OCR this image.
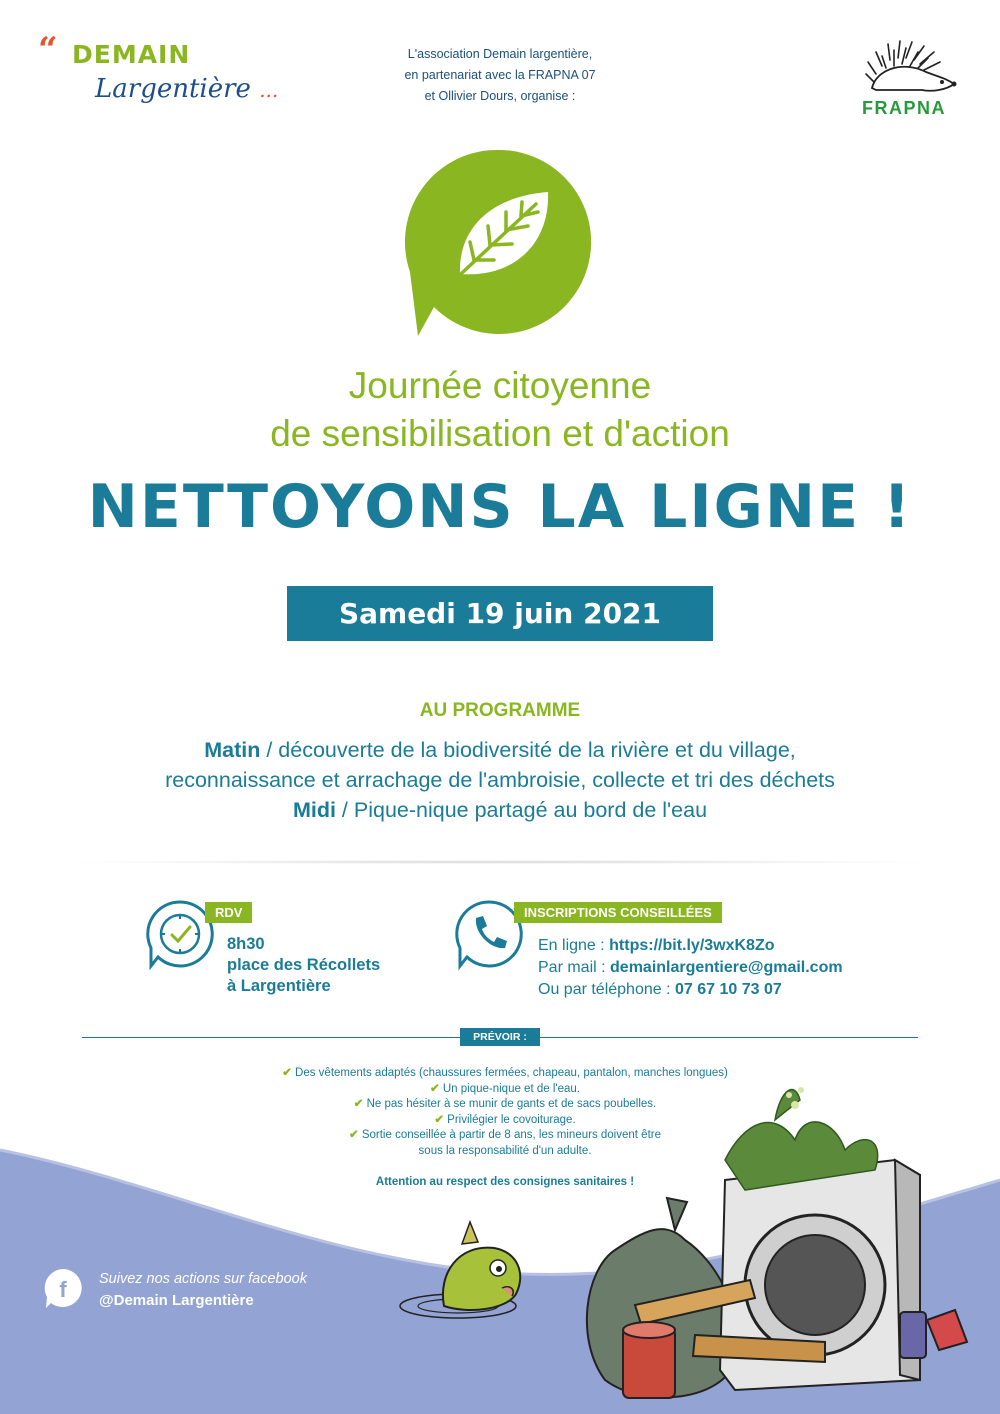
“ DEMAIN
Largentière ...
L'association Demain largentière,
en partenariat avec la FRAPNA 07
et Ollivier Dours, organise :
FRAPNA
Journée citoyenne
de sensibilisation et d'action
NETTOYONS LA LIGNE !
Samedi 19 juin 2021
AU PROGRAMME
Matin / découverte de la biodiversité de la rivière et du village,
reconnaissance et arrachage de l'ambroisie, collecte et tri des déchets
Midi / Pique-nique partagé au bord de l'eau
RDV
8h30
place des Récollets
à Largentière
INSCRIPTIONS CONSEILLÉES
En ligne : https://bit.ly/3wxK8Zo
Par mail : demainlargentiere@gmail.com
Ou par téléphone : 07 67 10 73 07
PRÉVOIR :
✔ Des vêtements adaptés (chaussures fermées, chapeau, pantalon, manches longues)
✔ Un pique-nique et de l'eau.
✔ Ne pas hésiter à se munir de gants et de sacs poubelles.
✔ Privilégier le covoiturage.
✔ Sortie conseillée à partir de 8 ans, les mineurs doivent être
sous la responsabilité d'un adulte.
Attention au respect des consignes sanitaires !
f Suivez nos actions sur facebook
@Demain Largentière
